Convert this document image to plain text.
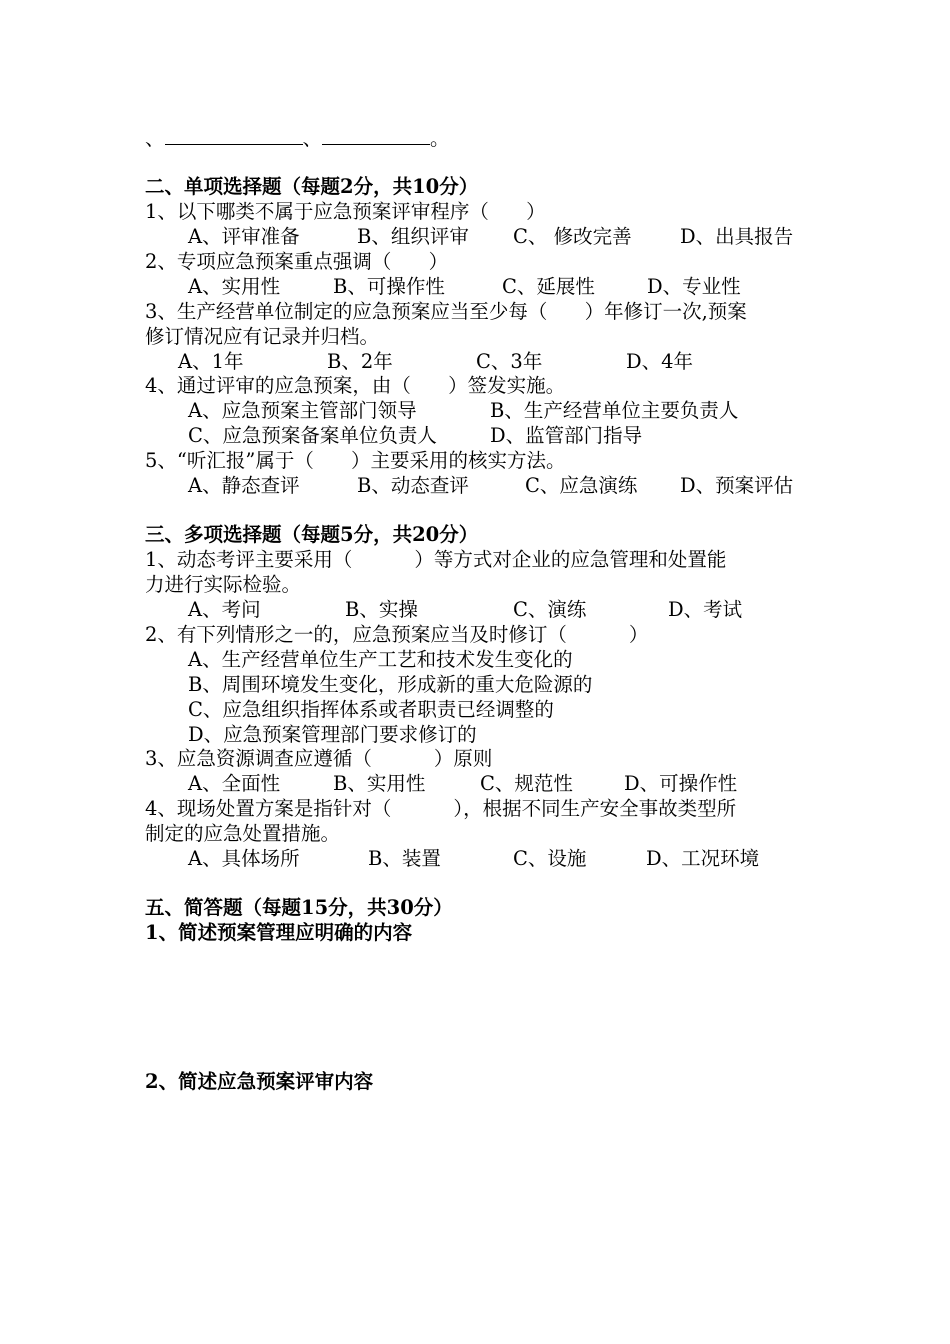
、	、	。
二、单项选择题（每题2分，共10分）
1、以下哪类不属于应急预案评审程序（      ）
A、评审准备	B、组织评审 C、 修改完善 D、出具报告
2、专项应急预案重点强调（      ）
A、实用性	B、可操作性	C、延展性	D、专业性
3、生产经营单位制定的应急预案应当至少每（      ）年修订一次,预案
修订情况应有记录并归档。
A、1年	B、2年	C、3年	D、4年
4、通过评审的应急预案，由（      ）签发实施。
A、应急预案主管部门领导	B、生产经营单位主要负责人
C、应急预案备案单位负责人	D、监管部门指导
5、“听汇报”属于（      ）主要采用的核实方法。
A、静态查评	B、动态查评	C、应急演练 D、预案评估
三、多项选择题（每题5分，共20分）
1、动态考评主要采用（          ）等方式对企业的应急管理和处置能
力进行实际检验。
A、考问	B、实操	C、演练	D、考试
2、有下列情形之一的，应急预案应当及时修订（          ）
A、生产经营单位生产工艺和技术发生变化的
B、周围环境发生变化，形成新的重大危险源的
C、应急组织指挥体系或者职责已经调整的
D、应急预案管理部门要求修订的
3、应急资源调查应遵循（          ）原则
A、全面性	B、实用性	C、规范性	D、可操作性
4、现场处置方案是指针对（          ），根据不同生产安全事故类型所
制定的应急处置措施。
A、具体场所	B、装置	C、设施	D、工况环境
五、简答题（每题15分，共30分）
1、简述预案管理应明确的内容
2、简述应急预案评审内容
